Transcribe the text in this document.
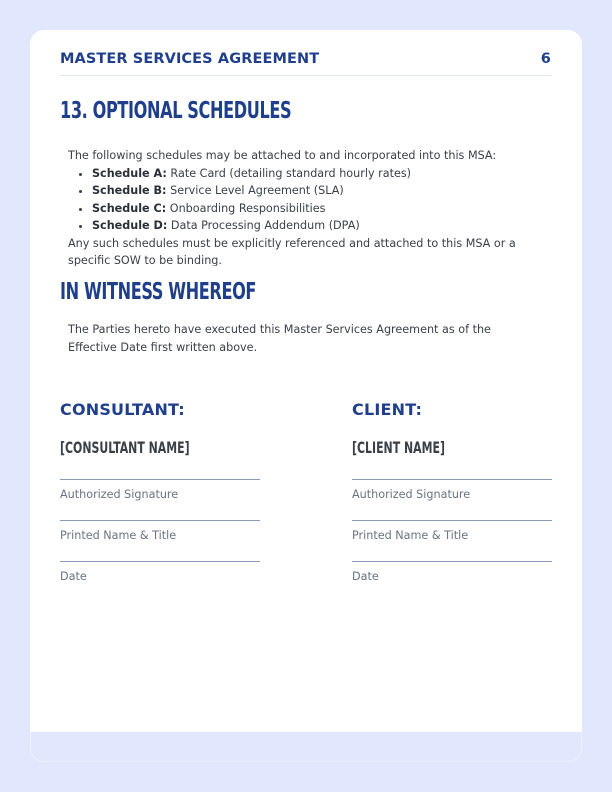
MASTER SERVICES AGREEMENT	6
13. OPTIONAL SCHEDULES
The following schedules may be attached to and incorporated into this MSA:
• Schedule A: Rate Card (detailing standard hourly rates)
• Schedule B: Service Level Agreement (SLA)
• Schedule C: Onboarding Responsibilities
• Schedule D: Data Processing Addendum (DPA)
Any such schedules must be explicitly referenced and attached to this MSA or a specific SOW to be binding.
IN WITNESS WHEREOF
The Parties hereto have executed this Master Services Agreement as of the Effective Date first written above.
CONSULTANT:
[CONSULTANT NAME]
Authorized Signature
Printed Name & Title
Date
CLIENT:
[CLIENT NAME]
Authorized Signature
Printed Name & Title
Date
